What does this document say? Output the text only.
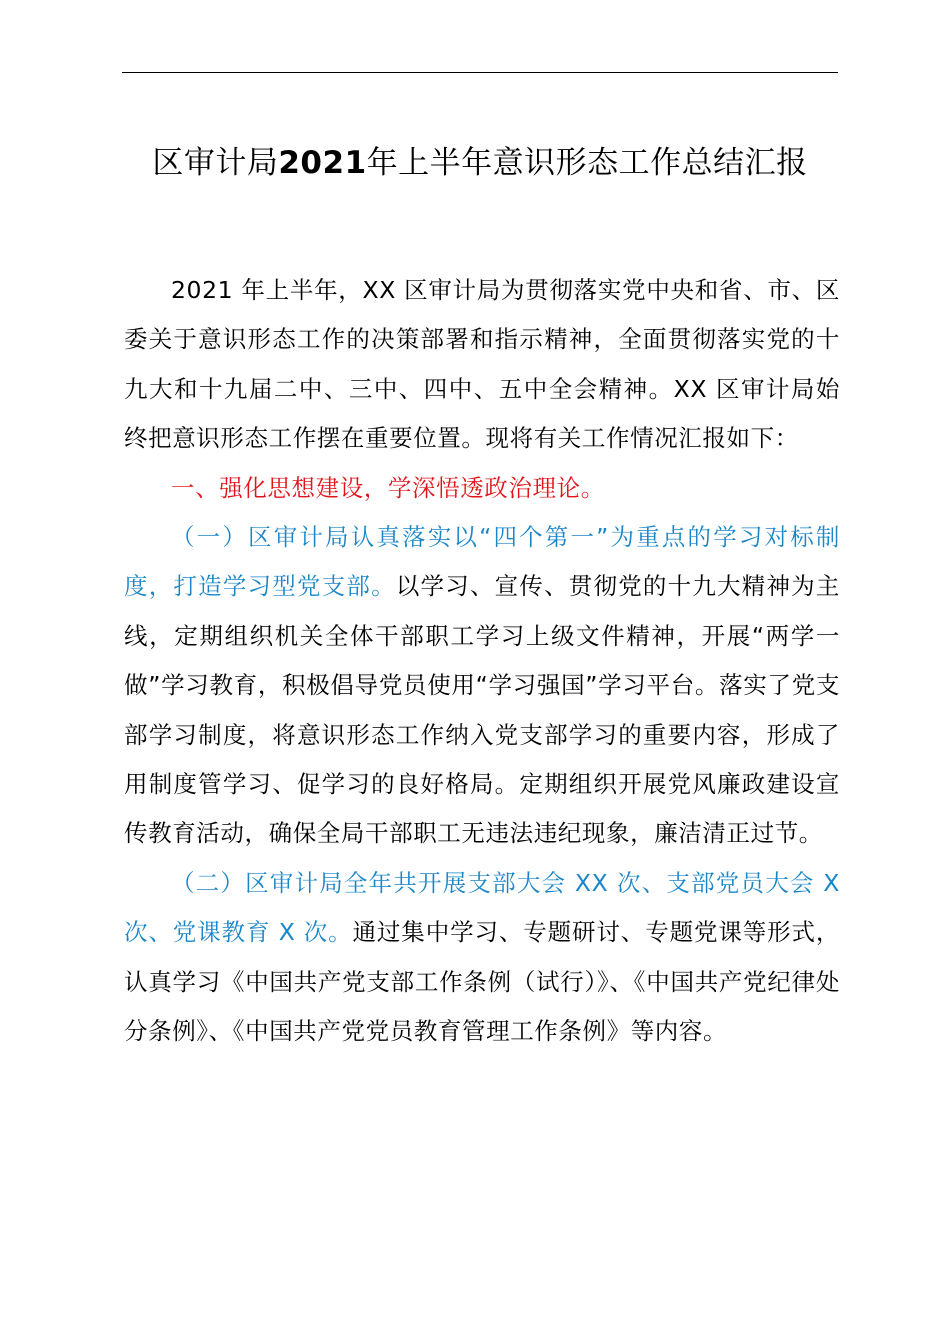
区审计局2021年上半年意识形态工作总结汇报

2021 年上半年，XX 区审计局为贯彻落实党中央和省、市、区委关于意识形态工作的决策部署和指示精神，全面贯彻落实党的十九大和十九届二中、三中、四中、五中全会精神。XX 区审计局始终把意识形态工作摆在重要位置。现将有关工作情况汇报如下：

一、强化思想建设，学深悟透政治理论。

（一）区审计局认真落实以“四个第一”为重点的学习对标制度，打造学习型党支部。以学习、宣传、贯彻党的十九大精神为主线，定期组织机关全体干部职工学习上级文件精神，开展“两学一做”学习教育，积极倡导党员使用“学习强国”学习平台。落实了党支部学习制度，将意识形态工作纳入党支部学习的重要内容，形成了用制度管学习、促学习的良好格局。定期组织开展党风廉政建设宣传教育活动，确保全局干部职工无违法违纪现象，廉洁清正过节。

（二）区审计局全年共开展支部大会 XX 次、支部党员大会 X 次、党课教育 X 次。通过集中学习、专题研讨、专题党课等形式，认真学习《中国共产党支部工作条例（试行）》、《中国共产党纪律处分条例》、《中国共产党党员教育管理工作条例》等内容。
